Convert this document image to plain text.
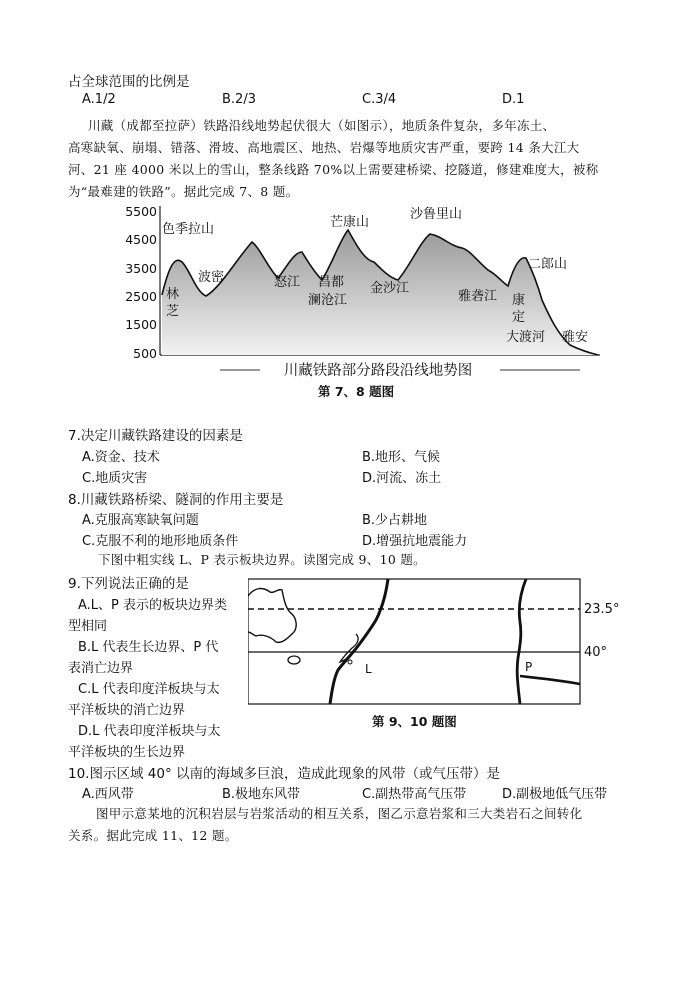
占全球范围的比例是
A.1/2	B.2/3	C.3/4	D.1
川藏（成都至拉萨）铁路沿线地势起伏很大（如图示），地质条件复杂，多年冻土、
高寒缺氧、崩塌、错落、滑坡、高地震区、地热、岩爆等地质灾害严重，要跨 14 条大江大
河、21 座 4000 米以上的雪山，整条线路 70%以上需要建桥梁、挖隧道，修建难度大，被称
为“最难建的铁路”。据此完成 7、8 题。
5500
4500
3500
2500
1500
500
色季拉山
林
芝
波密	怒江
芒康山
昌都
澜沧江
金沙江
沙鲁里山
雅砻江
二郎山
康
定
大渡河 雅安
川藏铁路部分路段沿线地势图
第 7、8 题图
7.决定川藏铁路建设的因素是
A.资金、技术	B.地形、气候
C.地质灾害	D.河流、冻土
8.川藏铁路桥梁、隧洞的作用主要是
A.克服高寒缺氧问题	B.少占耕地
C.克服不利的地形地质条件	D.增强抗地震能力
下图中粗实线 L、P 表示板块边界。读图完成 9、10 题。
9.下列说法正确的是
A.L、P 表示的板块边界类
型相同
B.L 代表生长边界、P 代
表消亡边界
C.L 代表印度洋板块与太
平洋板块的消亡边界
D.L 代表印度洋板块与太
平洋板块的生长边界
L	P
23.5°
40°
第 9、10 题图
10.图示区域 40° 以南的海域多巨浪，造成此现象的风带（或气压带）是
A.西风带	B.极地东风带	C.副热带高气压带	D.副极地低气压带
图甲示意某地的沉积岩层与岩浆活动的相互关系，图乙示意岩浆和三大类岩石之间转化
关系。据此完成 11、12 题。
